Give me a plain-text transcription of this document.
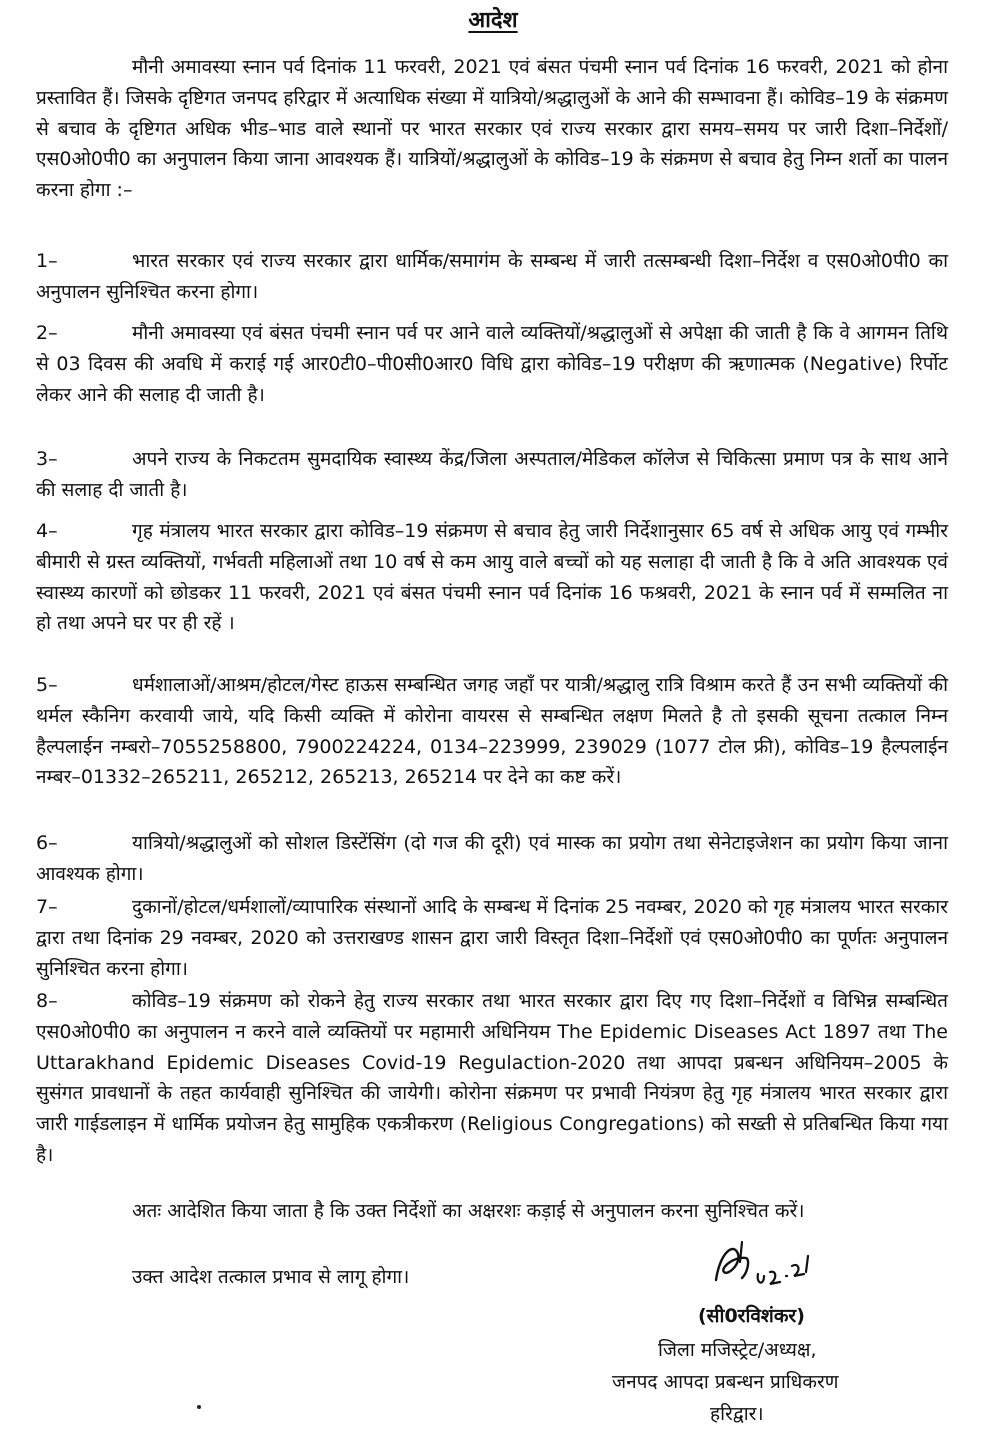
आदेश
मौनी अमावस्या स्नान पर्व दिनांक 11 फरवरी, 2021 एवं बंसत पंचमी स्नान पर्व दिनांक 16 फरवरी, 2021 को होना प्रस्तावित हैं। जिसके दृष्टिगत जनपद हरिद्वार में अत्याधिक संख्या में यात्रियो/श्रद्धालुओं के आने की सम्भावना हैं। कोविड–19 के संक्रमण से बचाव के दृष्टिगत अधिक भीड–भाड वाले स्थानों पर भारत सरकार एवं राज्य सरकार द्वारा समय–समय पर जारी दिशा–निर्देशों/एस0ओ0पी0 का अनुपालन किया जाना आवश्यक हैं। यात्रियों/श्रद्धालुओं के कोविड–19 के संक्रमण से बचाव हेतु निम्न शर्तो का पालन करना होगा :–
1–	भारत सरकार एवं राज्य सरकार द्वारा धार्मिक/समागंम के सम्बन्ध में जारी तत्सम्बन्धी दिशा–निर्देश व एस0ओ0पी0 का अनुपालन सुनिश्चित करना होगा।
2–	मौनी अमावस्या एवं बंसत पंचमी स्नान पर्व पर आने वाले व्यक्तियों/श्रद्धालुओं से अपेक्षा की जाती है कि वे आगमन तिथि से 03 दिवस की अवधि में कराई गई आर0टी0–पी0सी0आर0 विधि द्वारा कोविड–19 परीक्षण की ऋणात्मक (Negative) रिर्पोट लेकर आने की सलाह दी जाती है।
3–	अपने राज्य के निकटतम सुमदायिक स्वास्थ्य केंद्र/जिला अस्पताल/मेडिकल कॉलेज से चिकित्सा प्रमाण पत्र के साथ आने की सलाह दी जाती है।
4–	गृह मंत्रालय भारत सरकार द्वारा कोविड–19 संक्रमण से बचाव हेतु जारी निर्देशानुसार 65 वर्ष से अधिक आयु एवं गम्भीर बीमारी से ग्रस्त व्यक्तियों, गर्भवती महिलाओं तथा 10 वर्ष से कम आयु वाले बच्चों को यह सलाहा दी जाती है कि वे अति आवश्यक एवं स्वास्थ्य कारणों को छोडकर 11 फरवरी, 2021 एवं बंसत पंचमी स्नान पर्व दिनांक 16 फश्रवरी, 2021 के स्नान पर्व में सम्मलित ना हो तथा अपने घर पर ही रहें ।
5–	धर्मशालाओं/आश्रम/होटल/गेस्ट हाऊस सम्बन्धित जगह जहाँ पर यात्री/श्रद्धालु रात्रि विश्राम करते हैं उन सभी व्यक्तियों की थर्मल स्कैनिग करवायी जाये, यदि किसी व्यक्ति में कोरोना वायरस से सम्बन्धित लक्षण मिलते है तो इसकी सूचना तत्काल निम्न हैल्पलाईन नम्बरो–7055258800, 7900224224, 0134–223999, 239029 (1077 टोल फ्री), कोविड–19 हैल्पलाईन नम्बर–01332–265211, 265212, 265213, 265214 पर देने का कष्ट करें।
6–	यात्रियो/श्रद्धालुओं को सोशल डिस्टेंसिंग (दो गज की दूरी) एवं मास्क का प्रयोग तथा सेनेटाइजेशन का प्रयोग किया जाना आवश्यक होगा।
7–	दुकानों/होटल/धर्मशालों/व्यापारिक संस्थानों आदि के सम्बन्ध में दिनांक 25 नवम्बर, 2020 को गृह मंत्रालय भारत सरकार द्वारा तथा दिनांक 29 नवम्बर, 2020 को उत्तराखण्ड शासन द्वारा जारी विस्तृत दिशा–निर्देशों एवं एस0ओ0पी0 का पूर्णतः अनुपालन सुनिश्चित करना होगा।
8–	कोविड–19 संक्रमण को रोकने हेतु राज्य सरकार तथा भारत सरकार द्वारा दिए गए दिशा–निर्देशों व विभिन्न सम्बन्धित एस0ओ0पी0 का अनुपालन न करने वाले व्यक्तियों पर महामारी अधिनियम The Epidemic Diseases Act 1897 तथा The Uttarakhand Epidemic Diseases Covid-19 Regulaction-2020 तथा आपदा प्रबन्धन अधिनियम–2005 के सुसंगत प्रावधानों के तहत कार्यवाही सुनिश्चित की जायेगी। कोरोना संक्रमण पर प्रभावी नियंत्रण हेतु गृह मंत्रालय भारत सरकार द्वारा जारी गाईडलाइन में धार्मिक प्रयोजन हेतु सामुहिक एकत्रीकरण (Religious Congregations) को सख्ती से प्रतिबन्धित किया गया है।
अतः आदेशित किया जाता है कि उक्त निर्देशों का अक्षरशः कड़ाई से अनुपालन करना सुनिश्चित करें।
उक्त आदेश तत्काल प्रभाव से लागू होगा।
(सी0रविशंकर)
जिला मजिस्ट्रेट/अध्यक्ष,
जनपद आपदा प्रबन्धन प्राधिकरण
हरिद्वार।
